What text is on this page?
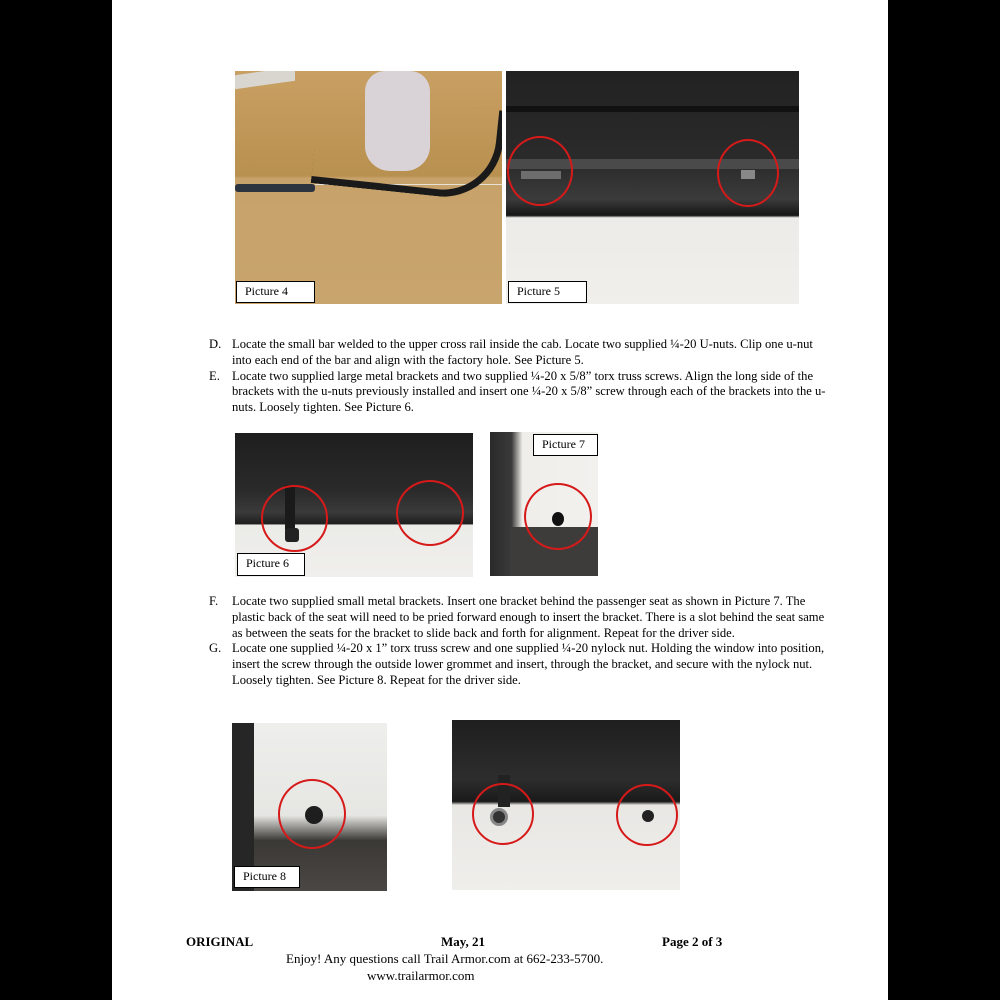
Picture 4	Picture 5
D. Locate the small bar welded to the upper cross rail inside the cab. Locate two supplied ¼-20 U-nuts. Clip one u-nut into each end of the bar and align with the factory hole. See Picture 5.
E. Locate two supplied large metal brackets and two supplied ¼-20 x 5/8” torx truss screws. Align the long side of the brackets with the u-nuts previously installed and insert one ¼-20 x 5/8” screw through each of the brackets into the u-nuts. Loosely tighten. See Picture 6.
Picture 6
Picture 7
F. Locate two supplied small metal brackets. Insert one bracket behind the passenger seat as shown in Picture 7. The plastic back of the seat will need to be pried forward enough to insert the bracket. There is a slot behind the seat same as between the seats for the bracket to slide back and forth for alignment. Repeat for the driver side.
G. Locate one supplied ¼-20 x 1” torx truss screw and one supplied ¼-20 nylock nut. Holding the window into position, insert the screw through the outside lower grommet and insert, through the bracket, and secure with the nylock nut. Loosely tighten. See Picture 8. Repeat for the driver side.
Picture 8
ORIGINAL	May, 21	Page 2 of 3
Enjoy! Any questions call Trail Armor.com at 662-233-5700.
www.trailarmor.com
